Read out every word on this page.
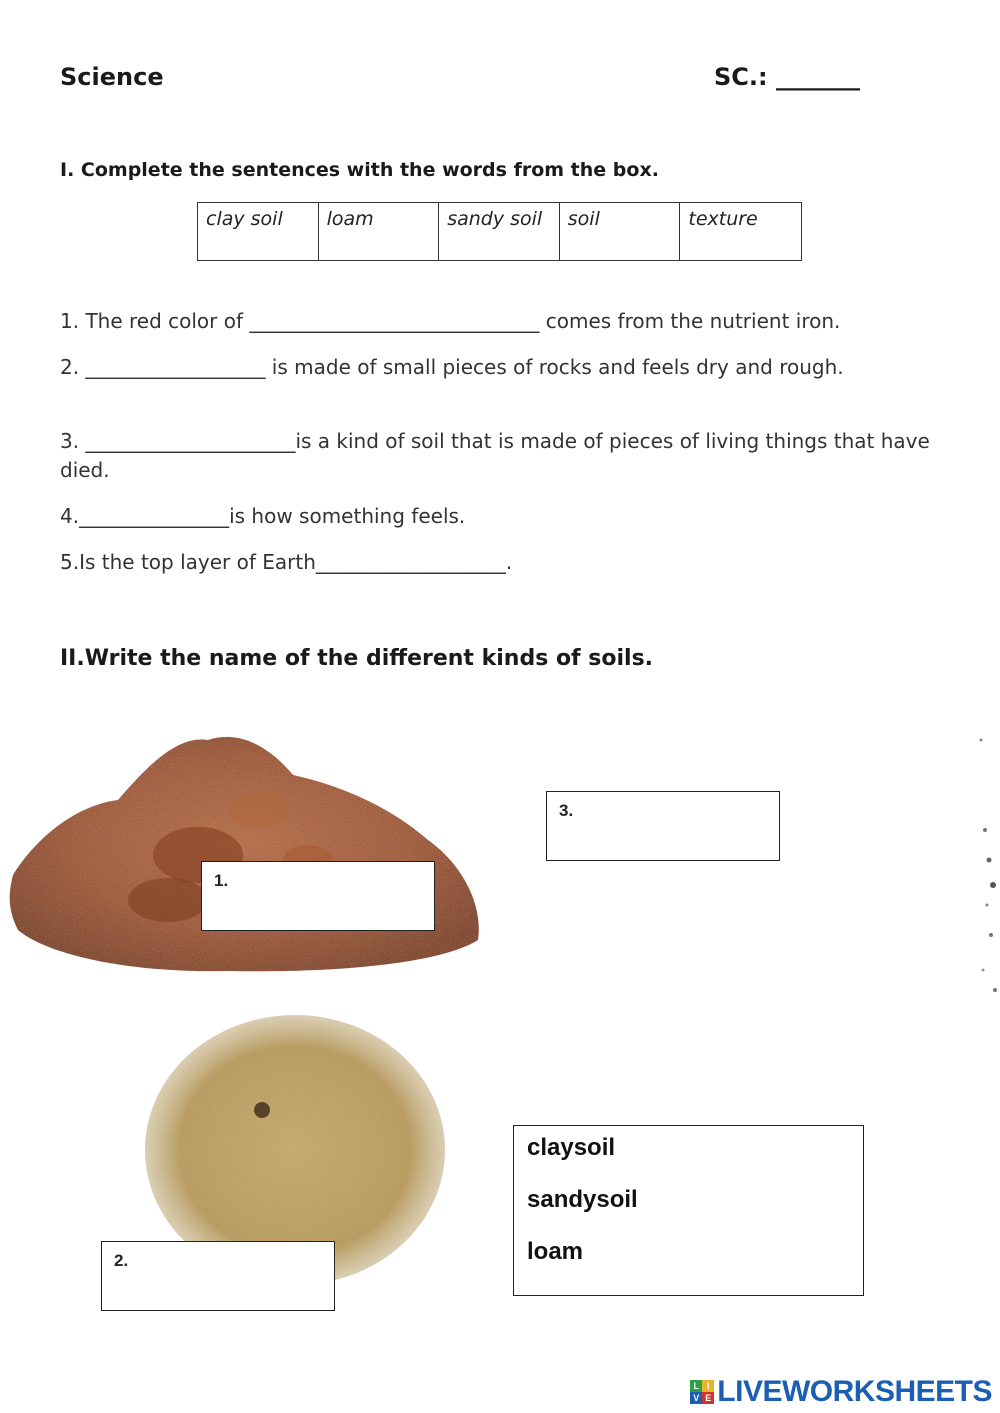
Science	SC.: _______
I. Complete the sentences with the words from the box.
clay soil	loam	sandy soil	soil	texture
1. The red color of _____________________________ comes from the nutrient iron.
2. __________________ is made of small pieces of rocks and feels dry and rough.
3. _____________________is a kind of soil that is made of pieces of living things that have died.
4._______________is how something feels.
5.Is the top layer of Earth___________________.
II.Write the name of the different kinds of soils.
1.
2.
3.
claysoil
sandysoil
loam
L I
V E LIVEWORKSHEETS
